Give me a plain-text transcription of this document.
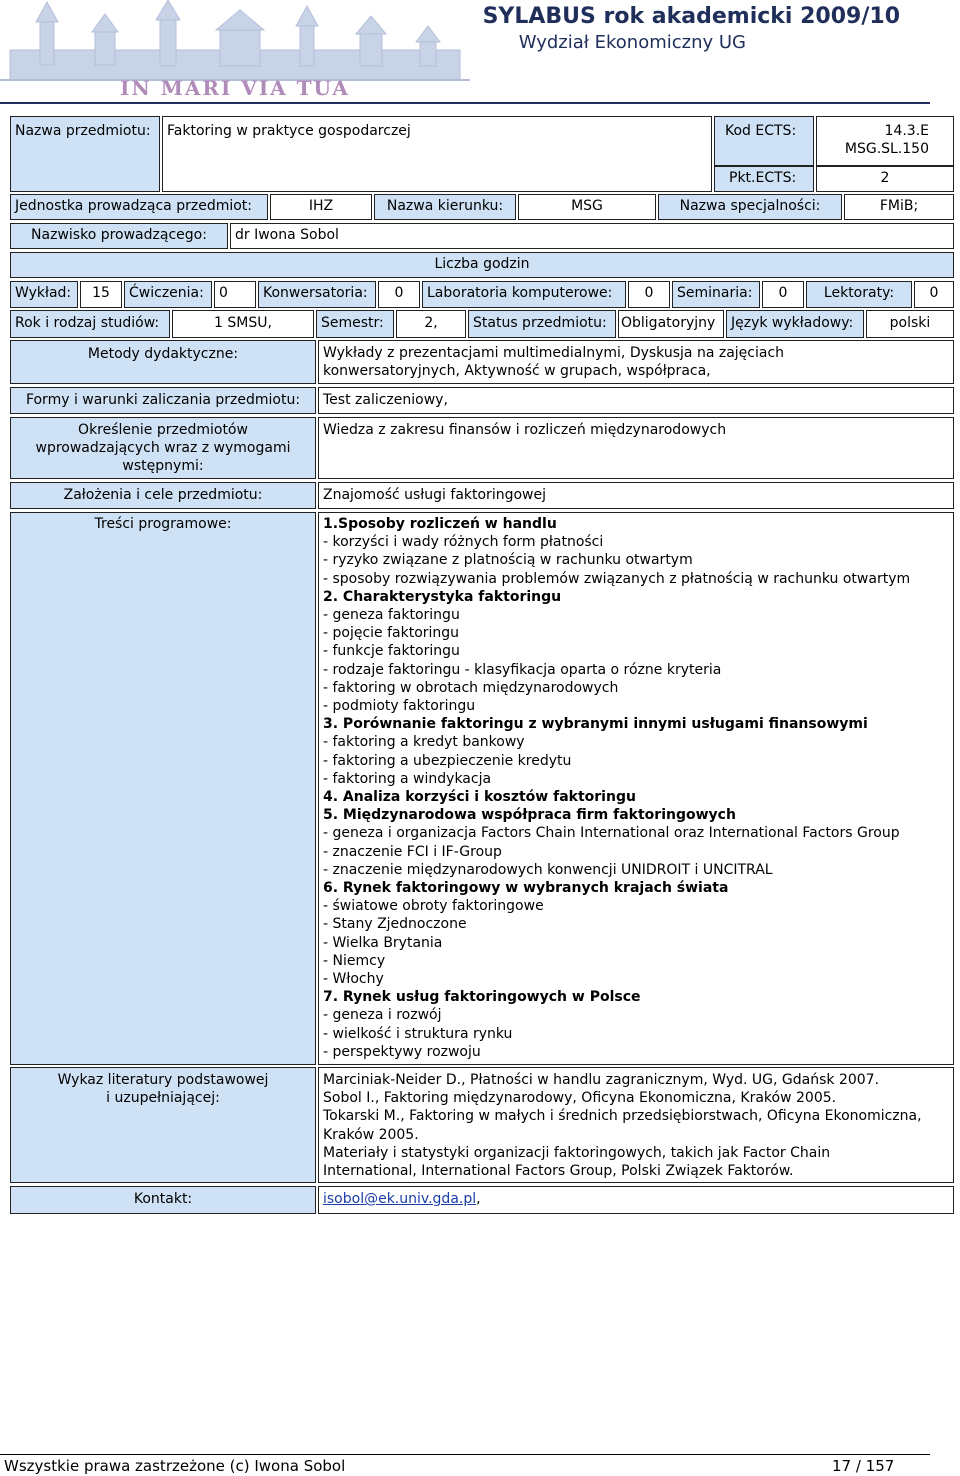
IN MARI VIA TUA
SYLABUS rok akademicki 2009/10
Wydział Ekonomiczny UG
Nazwa przedmiotu:	Faktoring w praktyce gospodarczej	Kod ECTS:	14.3.E
MSG.SL.150
Pkt.ECTS:	2
Jednostka prowadząca przedmiot:	IHZ	Nazwa kierunku:	MSG	Nazwa specjalności:	FMiB;
Nazwisko prowadzącego:	dr Iwona Sobol
Liczba godzin
Wykład:	15	Ćwiczenia:	0	Konwersatoria:	0	Laboratoria komputerowe:	0	Seminaria:	0	Lektoraty:	0
Rok i rodzaj studiów:	1 SMSU,	Semestr:	2,	Status przedmiotu:	Obligatoryjny	Język wykładowy:	polski
Metody dydaktyczne:	Wykłady z prezentacjami multimedialnymi, Dyskusja na zajęciach
konwersatoryjnych, Aktywność w grupach, współpraca,
Formy i warunki zaliczania przedmiotu:	Test zaliczeniowy,
Określenie przedmiotów
wprowadzających wraz z wymogami
wstępnymi:
Wiedza z zakresu finansów i rozliczeń międzynarodowych
Założenia i cele przedmiotu:	Znajomość usługi faktoringowej
Treści programowe:	1.Sposoby rozliczeń w handlu
- korzyści i wady różnych form płatności
- ryzyko związane z platnością w rachunku otwartym
- sposoby rozwiązywania problemów związanych z płatnością w rachunku otwartym
2. Charakterystyka faktoringu
- geneza faktoringu
- pojęcie faktoringu
- funkcje faktoringu
- rodzaje faktoringu - klasyfikacja oparta o rózne kryteria
- faktoring w obrotach międzynarodowych
- podmioty faktoringu
3. Porównanie faktoringu z wybranymi innymi usługami finansowymi
- faktoring a kredyt bankowy
- faktoring a ubezpieczenie kredytu
- faktoring a windykacja
4. Analiza korzyści i kosztów faktoringu
5. Międzynarodowa współpraca firm faktoringowych
- geneza i organizacja Factors Chain International oraz International Factors Group
- znaczenie FCI i IF-Group
- znaczenie międzynarodowych konwencji UNIDROIT i UNCITRAL
6. Rynek faktoringowy w wybranych krajach świata
- światowe obroty faktoringowe
- Stany Zjednoczone
- Wielka Brytania
- Niemcy
- Włochy
7. Rynek usług faktoringowych w Polsce
- geneza i rozwój
- wielkość i struktura rynku
- perspektywy rozwoju
Wykaz literatury podstawowej
i uzupełniającej:
Marciniak-Neider D., Płatności w handlu zagranicznym, Wyd. UG, Gdańsk 2007.
Sobol I., Faktoring międzynarodowy, Oficyna Ekonomiczna, Kraków 2005.
Tokarski M., Faktoring w małych i średnich przedsiębiorstwach, Oficyna Ekonomiczna,
Kraków 2005.
Materiały i statystyki organizacji faktoringowych, takich jak Factor Chain
International, International Factors Group, Polski Związek Faktorów.
Kontakt:	isobol@ek.univ.gda.pl,
Wszystkie prawa zastrzeżone (c) Iwona Sobol	17 / 157
